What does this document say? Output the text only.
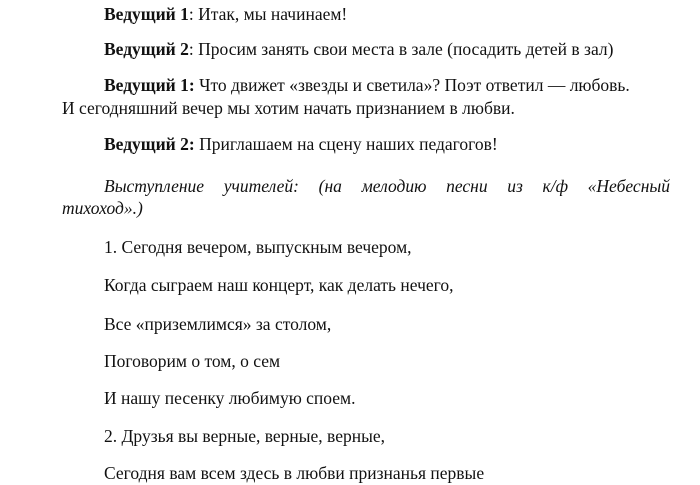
Ведущий 1: Итак, мы начинаем!
Ведущий 2: Просим занять свои места в зале (посадить детей в зал)
Ведущий 1: Что движет «звезды и светила»? Поэт ответил — любовь.
И сегодняшний вечер мы хотим начать признанием в любви.
Ведущий 2: Приглашаем на сцену наших педагогов!
Выступление учителей: (на мелодию песни из к/ф «Небесный
тихоход».)
1. Сегодня вечером, выпускным вечером,
Когда сыграем наш концерт, как делать нечего,
Все «приземлимся» за столом,
Поговорим о том, о сем
И нашу песенку любимую споем.
2. Друзья вы верные, верные, верные,
Сегодня вам всем здесь в любви признанья первые
